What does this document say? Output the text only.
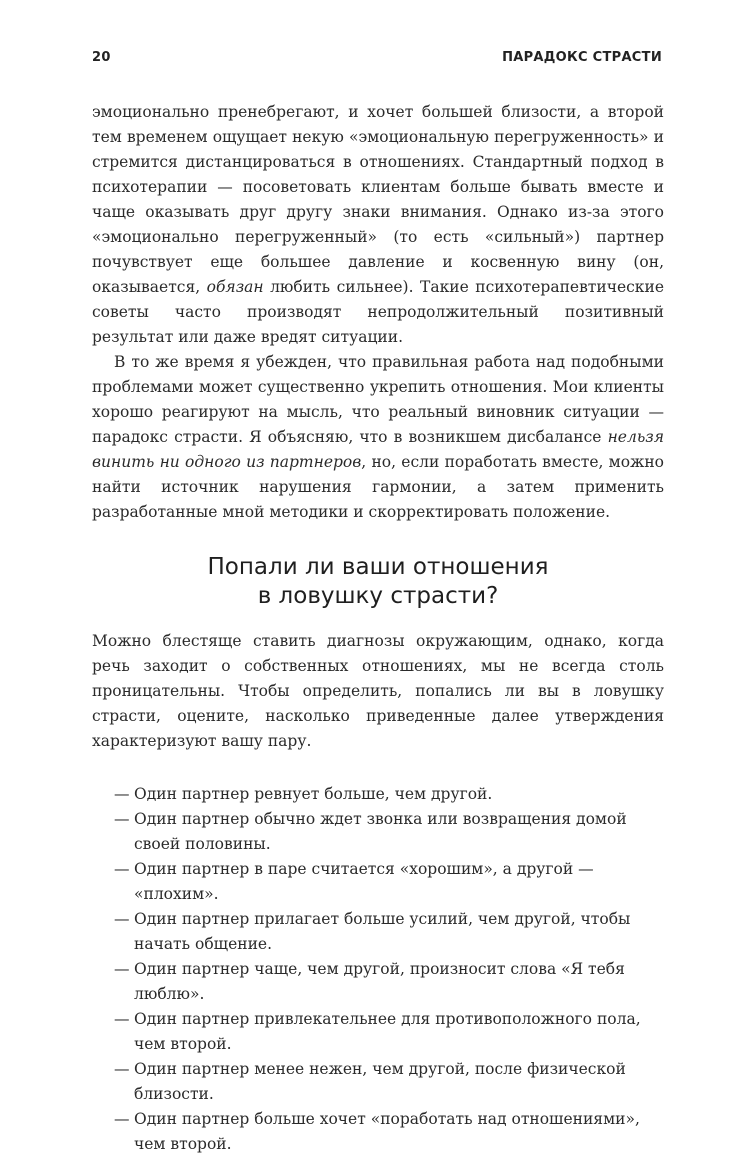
20	ПАРАДОКС СТРАСТИ

эмоционально пренебрегают, и хочет большей близости, а второй тем временем ощущает некую «эмоциональную перегруженность» и стремится дистанцироваться в отношениях. Стандартный подход в психотерапии — посоветовать клиентам больше бывать вместе и чаще оказывать друг другу знаки внимания. Однако из-за этого «эмоционально перегруженный» (то есть «сильный») партнер почувствует еще большее давление и косвенную вину (он, оказывается, обязан любить сильнее). Такие психотерапевтические советы часто производят непродолжительный позитивный результат или даже вредят ситуации.

В то же время я убежден, что правильная работа над подобными проблемами может существенно укрепить отношения. Мои клиенты хорошо реагируют на мысль, что реальный виновник ситуации — парадокс страсти. Я объясняю, что в возникшем дисбалансе нельзя винить ни одного из партнеров, но, если поработать вместе, можно найти источник нарушения гармонии, а затем применить разработанные мной методики и скорректировать положение.

Попали ли ваши отношения
в ловушку страсти?

Можно блестяще ставить диагнозы окружающим, однако, когда речь заходит о собственных отношениях, мы не всегда столь проницательны. Чтобы определить, попались ли вы в ловушку страсти, оцените, насколько приведенные далее утверждения характеризуют вашу пару.

— Один партнер ревнует больше, чем другой.
— Один партнер обычно ждет звонка или возвращения домой своей половины.
— Один партнер в паре считается «хорошим», а другой — «плохим».
— Один партнер прилагает больше усилий, чем другой, чтобы начать общение.
— Один партнер чаще, чем другой, произносит слова «Я тебя люблю».
— Один партнер привлекательнее для противоположного пола, чем второй.
— Один партнер менее нежен, чем другой, после физической близости.
— Один партнер больше хочет «поработать над отношениями», чем второй.
